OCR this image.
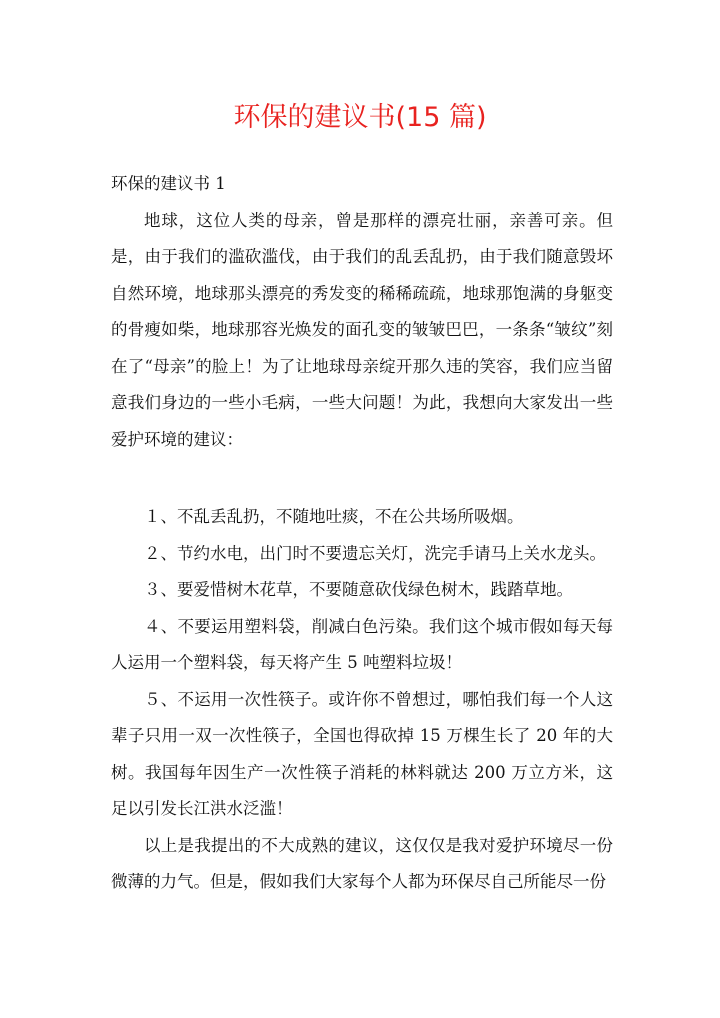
环保的建议书(15 篇)

环保的建议书 1

地球，这位人类的母亲，曾是那样的漂亮壮丽，亲善可亲。但是，由于我们的滥砍滥伐，由于我们的乱丢乱扔，由于我们随意毁坏自然环境，地球那头漂亮的秀发变的稀稀疏疏，地球那饱满的身躯变的骨瘦如柴，地球那容光焕发的面孔变的皱皱巴巴，一条条“皱纹”刻在了“母亲”的脸上！为了让地球母亲绽开那久违的笑容，我们应当留意我们身边的一些小毛病，一些大问题！为此，我想向大家发出一些爱护环境的建议：

１、不乱丢乱扔，不随地吐痰，不在公共场所吸烟。

２、节约水电，出门时不要遗忘关灯，洗完手请马上关水龙头。

３、要爱惜树木花草，不要随意砍伐绿色树木，践踏草地。

４、不要运用塑料袋，削减白色污染。我们这个城市假如每天每人运用一个塑料袋，每天将产生 5 吨塑料垃圾！

５、不运用一次性筷子。或许你不曾想过，哪怕我们每一个人这辈子只用一双一次性筷子，全国也得砍掉 15 万棵生长了 20 年的大树。我国每年因生产一次性筷子消耗的林料就达 200 万立方米，这足以引发长江洪水泛滥！

以上是我提出的不大成熟的建议，这仅仅是我对爱护环境尽一份微薄的力气。但是，假如我们大家每个人都为环保尽自己所能尽一份
